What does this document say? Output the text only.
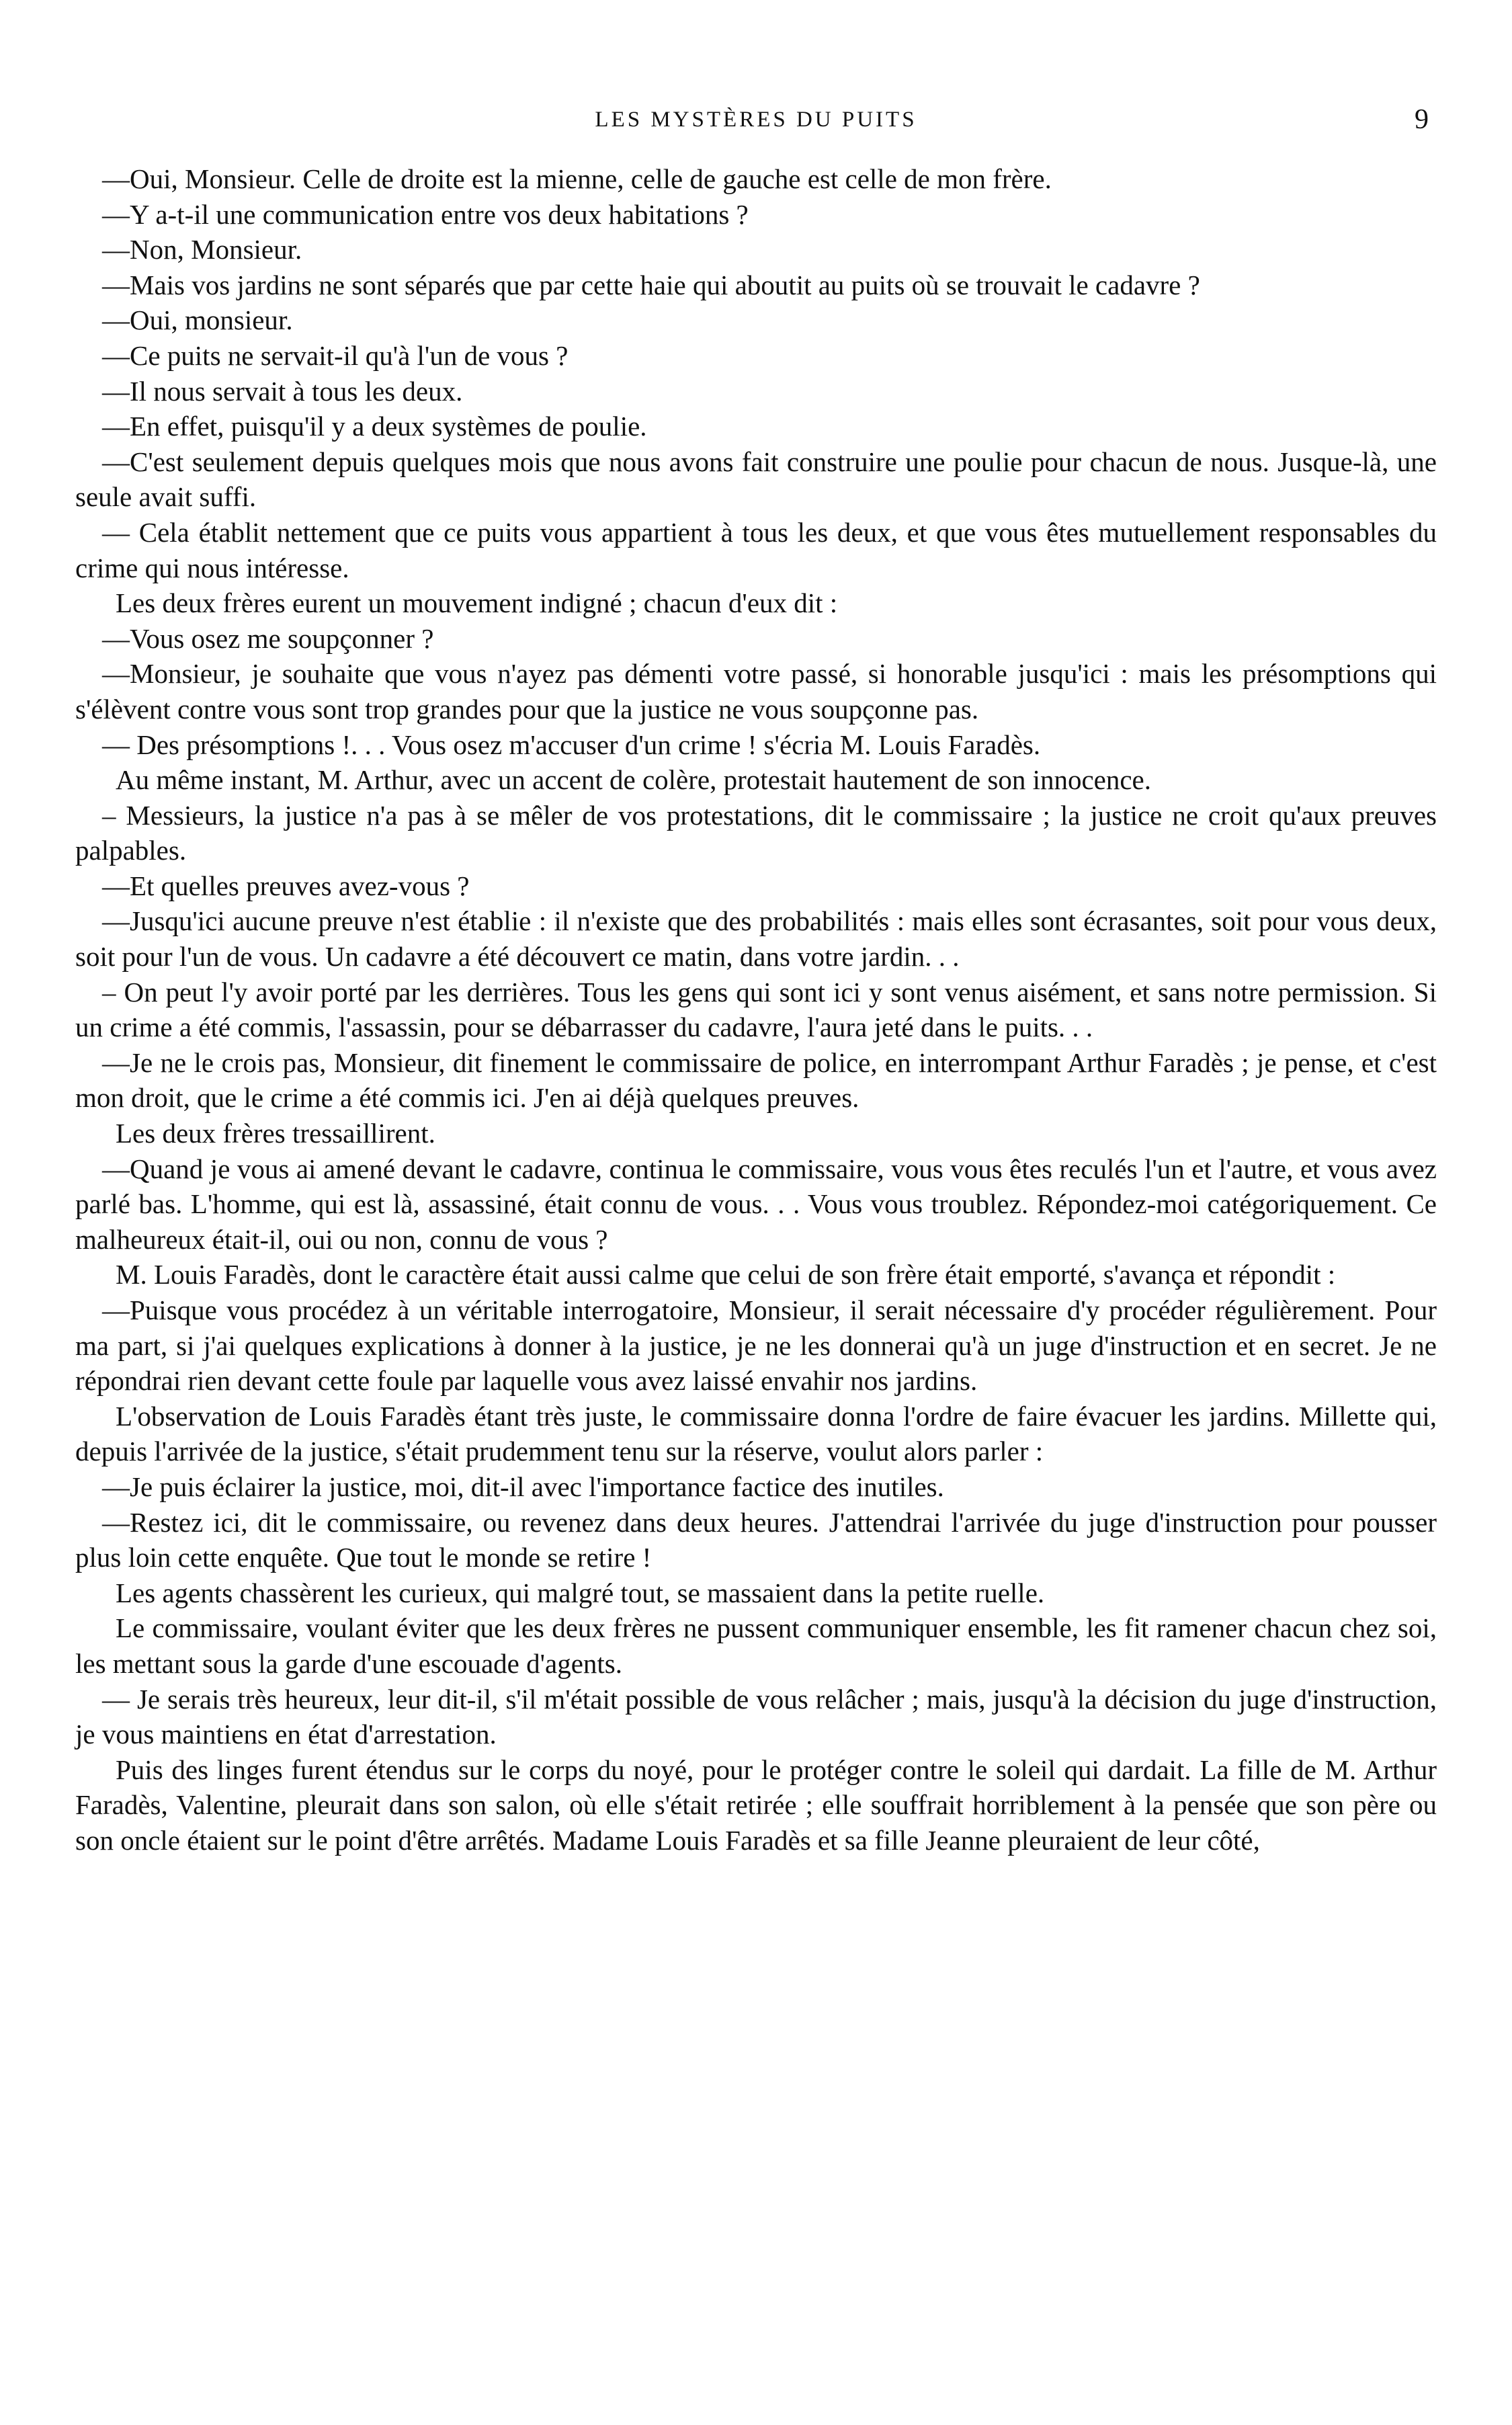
LES MYSTÈRES DU PUITS	9

—Oui, Monsieur. Celle de droite est la mienne, celle de gauche est celle de mon frère.

—Y a-t-il une communication entre vos deux habitations ?

—Non, Monsieur.

—Mais vos jardins ne sont séparés que par cette haie qui aboutit au puits où se trouvait le cadavre ?

—Oui, monsieur.

—Ce puits ne servait-il qu'à l'un de vous ?

—Il nous servait à tous les deux.

—En effet, puisqu'il y a deux systèmes de poulie.

—C'est seulement depuis quelques mois que nous avons fait construire une poulie pour chacun de nous. Jusque-là, une seule avait suffi.

— Cela établit nettement que ce puits vous appartient à tous les deux, et que vous êtes mutuellement responsables du crime qui nous intéresse.

Les deux frères eurent un mouvement indigné ; chacun d'eux dit :

—Vous osez me soupçonner ?

—Monsieur, je souhaite que vous n'ayez pas démenti votre passé, si honorable jusqu'ici : mais les présomptions qui s'élèvent contre vous sont trop grandes pour que la justice ne vous soupçonne pas.

— Des présomptions !. . . Vous osez m'accuser d'un crime ! s'écria M. Louis Faradès.

Au même instant, M. Arthur, avec un accent de colère, protestait hautement de son innocence.

– Messieurs, la justice n'a pas à se mêler de vos protestations, dit le commissaire ; la justice ne croit qu'aux preuves palpables.

—Et quelles preuves avez-vous ?

—Jusqu'ici aucune preuve n'est établie : il n'existe que des probabilités : mais elles sont écrasantes, soit pour vous deux, soit pour l'un de vous. Un cadavre a été découvert ce matin, dans votre jardin. . .

– On peut l'y avoir porté par les derrières. Tous les gens qui sont ici y sont venus aisément, et sans notre permission. Si un crime a été commis, l'assassin, pour se débarrasser du cadavre, l'aura jeté dans le puits. . .

—Je ne le crois pas, Monsieur, dit finement le commissaire de police, en interrompant Arthur Faradès ; je pense, et c'est mon droit, que le crime a été commis ici. J'en ai déjà quelques preuves.

Les deux frères tressaillirent.

—Quand je vous ai amené devant le cadavre, continua le commissaire, vous vous êtes reculés l'un et l'autre, et vous avez parlé bas. L'homme, qui est là, assassiné, était connu de vous. . . Vous vous troublez. Répondez-moi catégoriquement. Ce malheureux était-il, oui ou non, connu de vous ?

M. Louis Faradès, dont le caractère était aussi calme que celui de son frère était emporté, s'avança et répondit :

—Puisque vous procédez à un véritable interrogatoire, Monsieur, il serait nécessaire d'y procéder régulièrement. Pour ma part, si j'ai quelques explications à donner à la justice, je ne les donnerai qu'à un juge d'instruction et en secret. Je ne répondrai rien devant cette foule par laquelle vous avez laissé envahir nos jardins.

L'observation de Louis Faradès étant très juste, le commissaire donna l'ordre de faire évacuer les jardins. Millette qui, depuis l'arrivée de la justice, s'était prudemment tenu sur la réserve, voulut alors parler :

—Je puis éclairer la justice, moi, dit-il avec l'importance factice des inutiles.

—Restez ici, dit le commissaire, ou revenez dans deux heures. J'attendrai l'arrivée du juge d'instruction pour pousser plus loin cette enquête. Que tout le monde se retire !

Les agents chassèrent les curieux, qui malgré tout, se massaient dans la petite ruelle.

Le commissaire, voulant éviter que les deux frères ne pussent communiquer ensemble, les fit ramener chacun chez soi, les mettant sous la garde d'une escouade d'agents.

— Je serais très heureux, leur dit-il, s'il m'était possible de vous relâcher ; mais, jusqu'à la décision du juge d'instruction, je vous maintiens en état d'arrestation.

Puis des linges furent étendus sur le corps du noyé, pour le protéger contre le soleil qui dardait. La fille de M. Arthur Faradès, Valentine, pleurait dans son salon, où elle s'était retirée ; elle souffrait horriblement à la pensée que son père ou son oncle étaient sur le point d'être arrêtés. Madame Louis Faradès et sa fille Jeanne pleuraient de leur côté,
